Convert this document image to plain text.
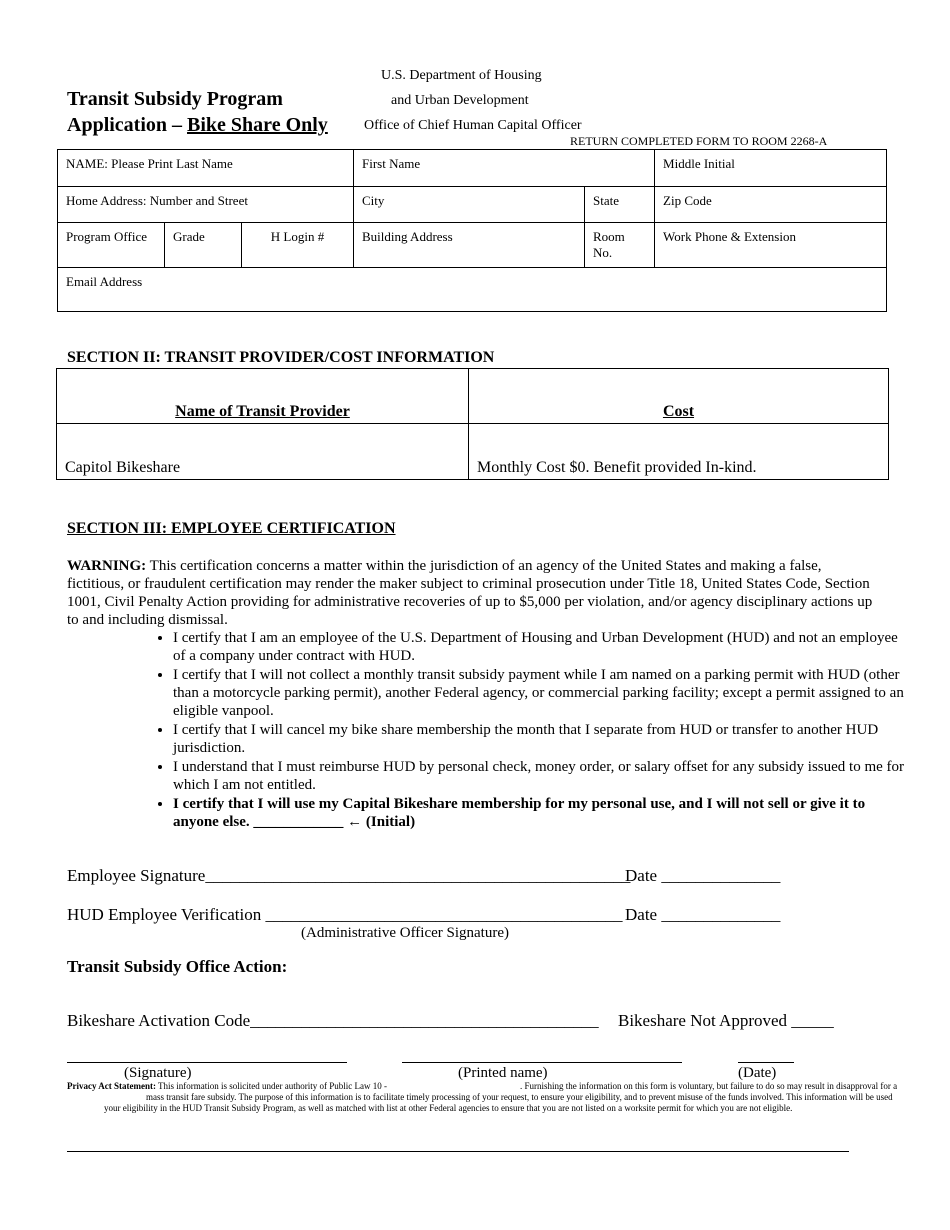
U.S. Department of Housing
and Urban Development
Office of Chief Human Capital Officer
Transit Subsidy Program
Application – Bike Share Only
RETURN COMPLETED FORM TO ROOM 2268-A
NAME: Please Print Last Name			First Name		Middle Initial
Home Address: Number and Street			City	State	Zip Code
Program Office	Grade	H Login #	Building Address	Room No.	Work Phone & Extension
Email Address					
SECTION II: TRANSIT PROVIDER/COST INFORMATION
Name of Transit Provider	Cost
Capitol Bikeshare	Monthly Cost $0. Benefit provided In-kind.
SECTION III: EMPLOYEE CERTIFICATION
WARNING: This certification concerns a matter within the jurisdiction of an agency of the United States and making a false, fictitious, or fraudulent certification may render the maker subject to criminal prosecution under Title 18, United States Code, Section 1001, Civil Penalty Action providing for administrative recoveries of up to $5,000 per violation, and/or agency disciplinary actions up to and including dismissal.
• I certify that I am an employee of the U.S. Department of Housing and Urban Development (HUD) and not an employee of a company under contract with HUD.
• I certify that I will not collect a monthly transit subsidy payment while I am named on a parking permit with HUD (other than a motorcycle parking permit), another Federal agency, or commercial parking facility; except a permit assigned to an eligible vanpool.
• I certify that I will cancel my bike share membership the month that I separate from HUD or transfer to another HUD jurisdiction.
• I understand that I must reimburse HUD by personal check, money order, or salary offset for any subsidy issued to me for which I am not entitled.
• I certify that I will use my Capital Bikeshare membership for my personal use, and I will not sell or give it to anyone else. ____________ ← (Initial)
Employee Signature__________________________________________________
Date ______________
HUD Employee Verification __________________________________________ Date ______________
(Administrative Officer Signature)
Transit Subsidy Office Action:
Bikeshare Activation Code_________________________________________ Bikeshare Not Approved _____
(Signature)	(Printed name)	(Date)
Privacy Act Statement: This information is solicited under authority of Public Law 10 -	. Furnishing the information on this form is voluntary, but failure to do so may result in disapproval for a
mass transit fare subsidy. The purpose of this information is to facilitate timely processing of your request, to ensure your eligibility, and to prevent misuse of the funds involved. This information will be used
your eligibility in the HUD Transit Subsidy Program, as well as matched with list at other Federal agencies to ensure that you are not listed on a worksite permit for which you are not eligible.
